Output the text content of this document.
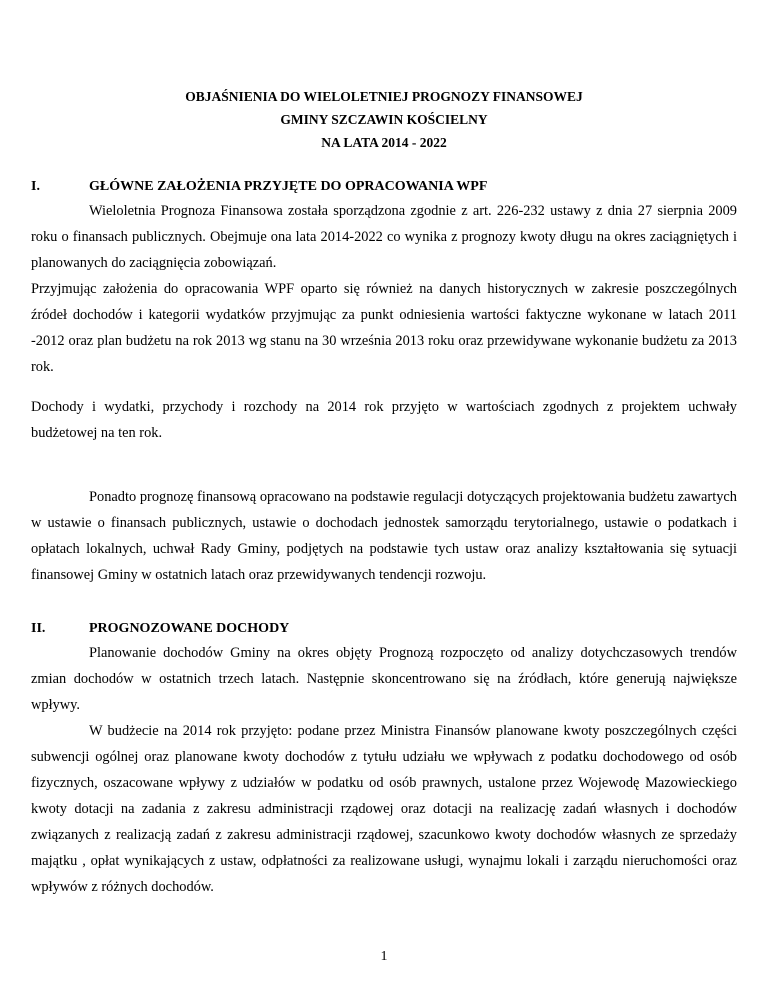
OBJAŚNIENIA DO WIELOLETNIEJ PROGNOZY FINANSOWEJ
GMINY SZCZAWIN KOŚCIELNY
NA LATA 2014 - 2022
I.	GŁÓWNE ZAŁOŻENIA PRZYJĘTE DO OPRACOWANIA WPF

Wieloletnia Prognoza Finansowa została sporządzona zgodnie z art. 226-232 ustawy z dnia 27 sierpnia 2009 roku o finansach publicznych. Obejmuje ona lata 2014-2022 co wynika z prognozy kwoty długu na okres zaciągniętych i planowanych do zaciągnięcia zobowiązań.

Przyjmując założenia do opracowania WPF oparto się również na danych historycznych w zakresie poszczególnych źródeł dochodów i kategorii wydatków przyjmując za punkt odniesienia wartości faktyczne wykonane w latach 2011 -2012 oraz plan budżetu na rok 2013 wg stanu na 30 września 2013 roku oraz przewidywane wykonanie budżetu za 2013 rok.

Dochody i wydatki, przychody i rozchody na 2014 rok przyjęto w wartościach zgodnych z projektem uchwały budżetowej na ten rok.

Ponadto prognozę finansową opracowano na podstawie regulacji dotyczących projektowania budżetu zawartych w ustawie o finansach publicznych, ustawie o dochodach jednostek samorządu terytorialnego, ustawie o podatkach i opłatach lokalnych, uchwał Rady Gminy, podjętych na podstawie tych ustaw oraz analizy kształtowania się sytuacji finansowej Gminy w ostatnich latach oraz przewidywanych tendencji rozwoju.

II.	PROGNOZOWANE DOCHODY

Planowanie dochodów Gminy na okres objęty Prognozą rozpoczęto od analizy dotychczasowych trendów zmian dochodów w ostatnich trzech latach. Następnie skoncentrowano się na źródłach, które generują największe wpływy.

W budżecie na 2014 rok przyjęto: podane przez Ministra Finansów planowane kwoty poszczególnych części subwencji ogólnej oraz planowane kwoty dochodów z tytułu udziału we wpływach z podatku dochodowego od osób fizycznych, oszacowane wpływy z udziałów w podatku od osób prawnych, ustalone przez Wojewodę Mazowieckiego kwoty dotacji na zadania z zakresu administracji rządowej oraz dotacji na realizację zadań własnych i dochodów związanych z realizacją zadań z zakresu administracji rządowej, szacunkowo kwoty dochodów własnych ze sprzedaży majątku , opłat wynikających z ustaw, odpłatności za realizowane usługi, wynajmu lokali i zarządu nieruchomości oraz wpływów z różnych dochodów.

1
